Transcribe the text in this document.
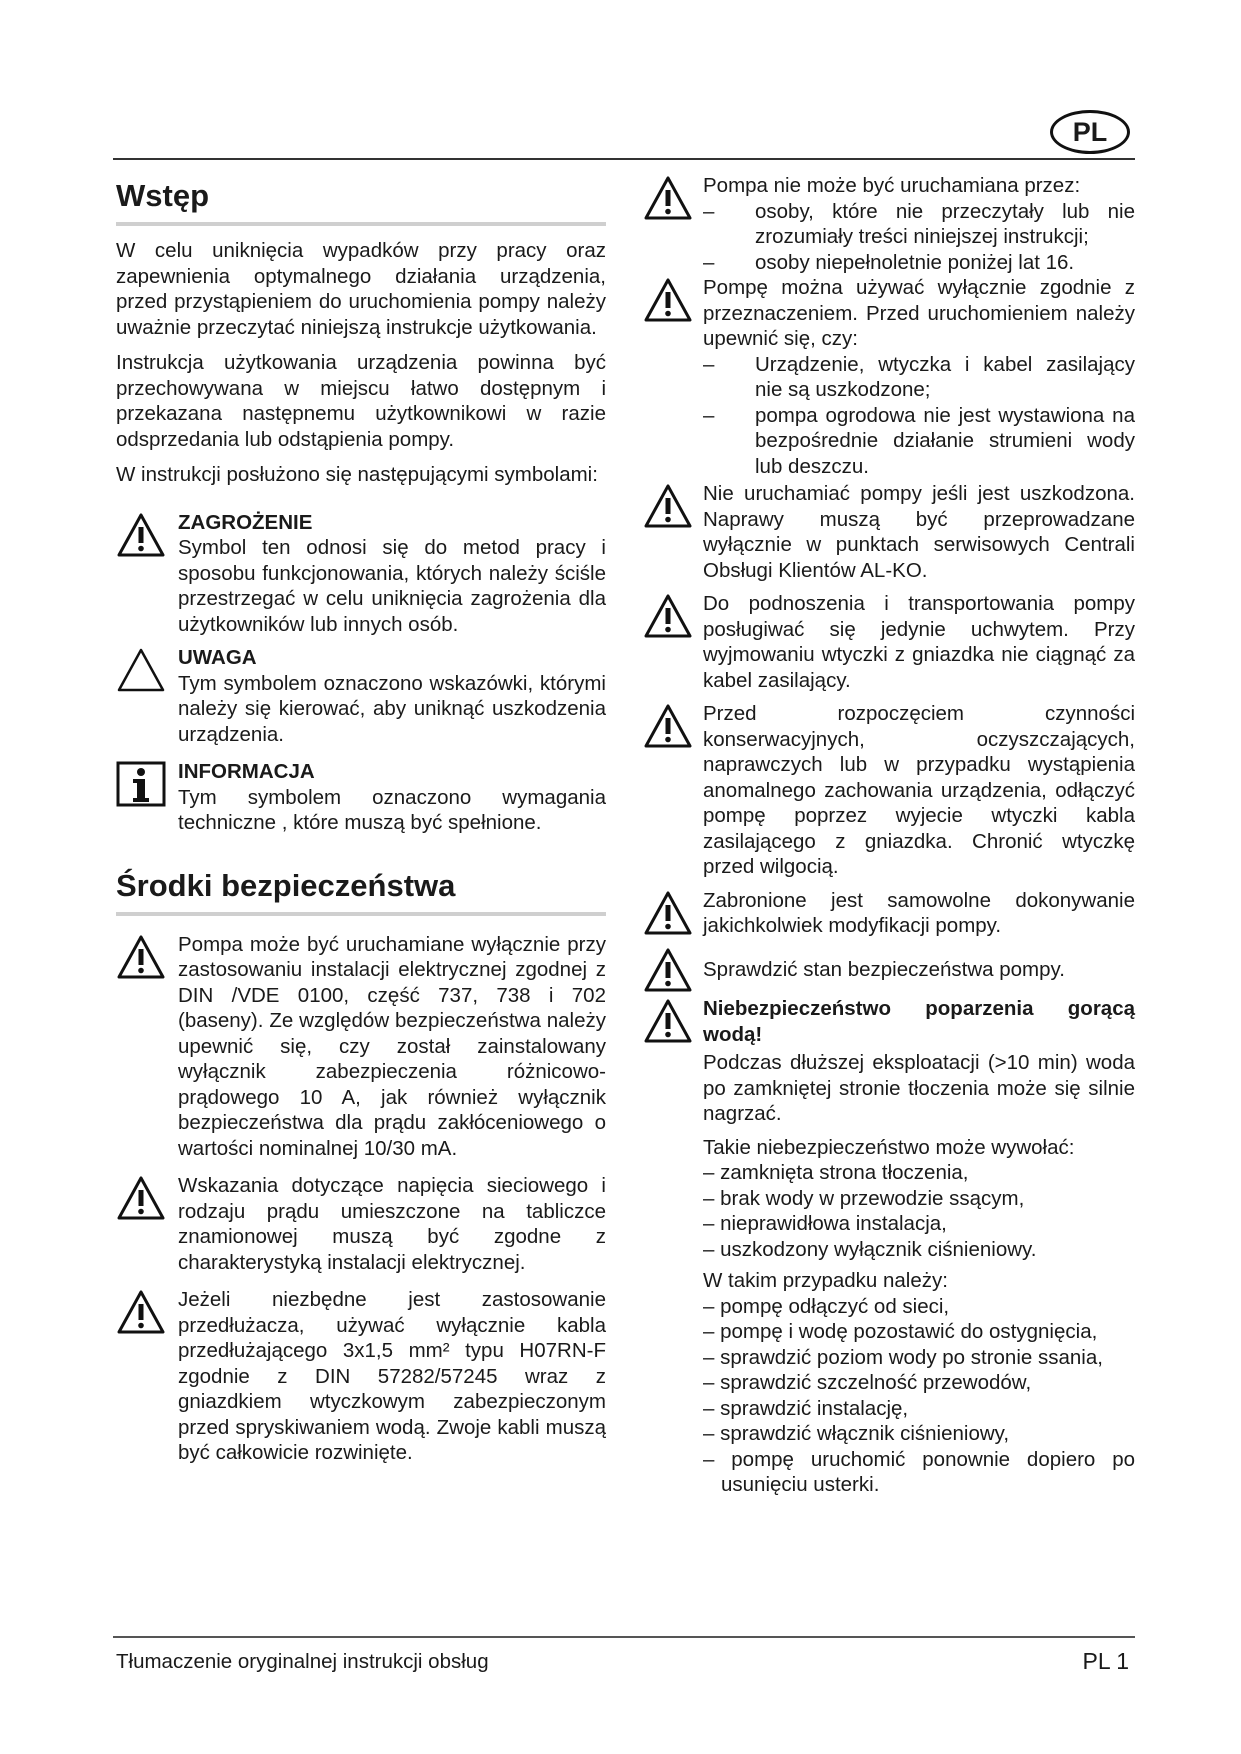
PL
Wstęp

W celu uniknięcia wypadków przy pracy oraz zapewnienia optymalnego działania urządzenia, przed przystąpieniem do uruchomienia pompy należy uważnie przeczytać niniejszą instrukcje użytkowania.

Instrukcja użytkowania urządzenia powinna być przechowywana w miejscu łatwo dostępnym i przekazana następnemu użytkownikowi w razie odsprzedania lub odstąpienia pompy.

W instrukcji posłużono się następującymi symbolami:

ZAGROŻENIE

Symbol ten odnosi się do metod pracy i sposobu funkcjonowania, których należy ściśle przestrzegać w celu uniknięcia zagrożenia dla użytkowników lub innych osób.

UWAGA

Tym symbolem oznaczono wskazówki, którymi należy się kierować, aby uniknąć uszkodzenia urządzenia.

INFORMACJA

Tym symbolem oznaczono wymagania techniczne , które muszą być spełnione.

Środki bezpieczeństwa

Pompa może być uruchamiane wyłącznie przy zastosowaniu instalacji elektrycznej zgodnej z DIN /VDE 0100, część 737, 738 i 702 (baseny). Ze względów bezpieczeństwa należy upewnić się, czy został zainstalowany wyłącznik zabezpieczenia różnicowo-prądowego 10 A, jak również wyłącznik bezpieczeństwa dla prądu zakłóceniowego o wartości nominalnej 10/30 mA.

Wskazania dotyczące napięcia sieciowego i rodzaju prądu umieszczone na tabliczce znamionowej muszą być zgodne z charakterystyką instalacji elektrycznej.

Jeżeli niezbędne jest zastosowanie przedłużacza, używać wyłącznie kabla przedłużającego 3x1,5 mm² typu H07RN-F zgodnie z DIN 57282/57245 wraz z gniazdkiem wtyczkowym zabezpieczonym przed spryskiwaniem wodą. Zwoje kabli muszą być całkowicie rozwinięte.

Pompa nie może być uruchamiana przez:

– osoby, które nie przeczytały lub nie zrozumiały treści niniejszej instrukcji;
– osoby niepełnoletnie poniżej lat 16.

Pompę można używać wyłącznie zgodnie z przeznaczeniem. Przed uruchomieniem należy upewnić się, czy:

– Urządzenie, wtyczka i kabel zasilający nie są uszkodzone;
– pompa ogrodowa nie jest wystawiona na bezpośrednie działanie strumieni wody lub deszczu.

Nie uruchamiać pompy jeśli jest uszkodzona. Naprawy muszą być przeprowadzane wyłącznie w punktach serwisowych Centrali Obsługi Klientów AL-KO.

Do podnoszenia i transportowania pompy posługiwać się jedynie uchwytem. Przy wyjmowaniu wtyczki z gniazdka nie ciągnąć za kabel zasilający.

Przed rozpoczęciem czynności konserwacyjnych, oczyszczających, naprawczych lub w przypadku wystąpienia anomalnego zachowania urządzenia, odłączyć pompę poprzez wyjecie wtyczki kabla zasilającego z gniazdka. Chronić wtyczkę przed wilgocią.

Zabronione jest samowolne dokonywanie jakichkolwiek modyfikacji pompy.

Sprawdzić stan bezpieczeństwa pompy.

Niebezpieczeństwo poparzenia gorącą wodą!

Podczas dłuższej eksploatacji (>10 min) woda po zamkniętej stronie tłoczenia może się silnie nagrzać.

Takie niebezpieczeństwo może wywołać:

– zamknięta strona tłoczenia,
– brak wody w przewodzie ssącym,
– nieprawidłowa instalacja,
– uszkodzony wyłącznik ciśnieniowy.

W takim przypadku należy:

– pompę odłączyć od sieci,
– pompę i wodę pozostawić do ostygnięcia,
– sprawdzić poziom wody po stronie ssania,
– sprawdzić szczelność przewodów,
– sprawdzić instalację,
– sprawdzić włącznik ciśnieniowy,
– pompę uruchomić ponownie dopiero po usunięciu usterki.
Tłumaczenie oryginalnej instrukcji obsług	PL 1
